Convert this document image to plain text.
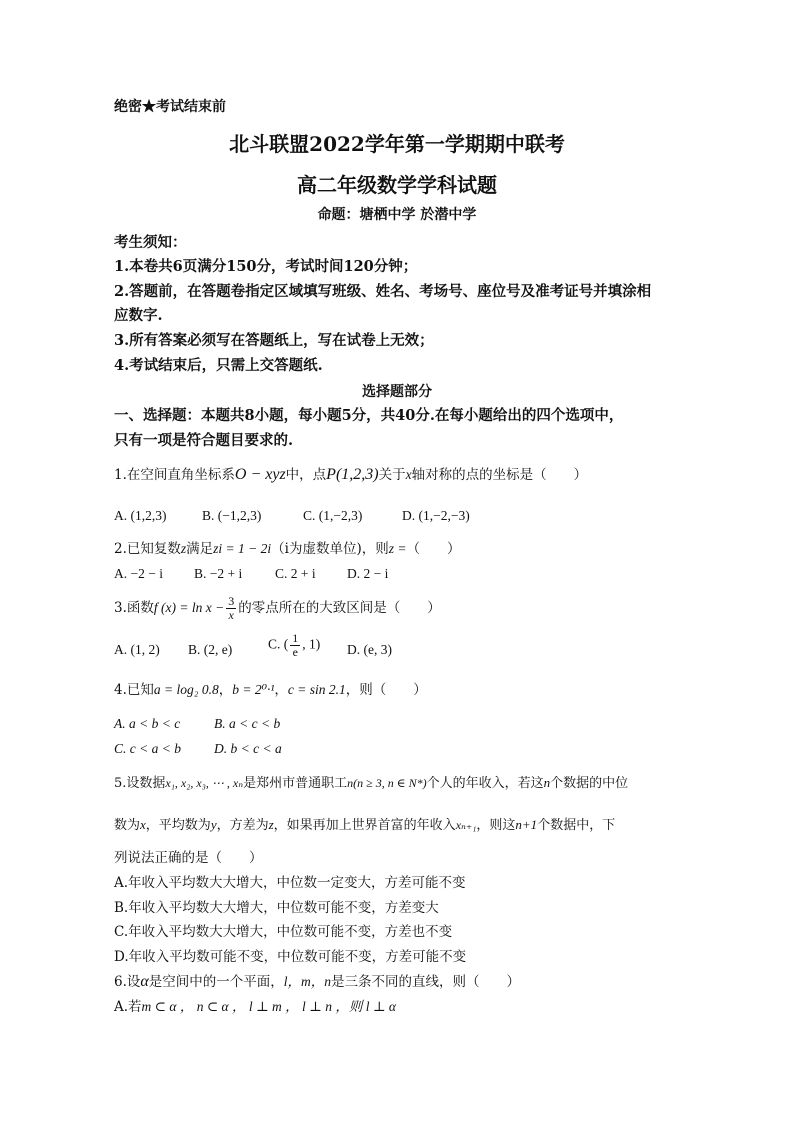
绝密★考试结束前
北斗联盟2022学年第一学期期中联考
高二年级数学学科试题
命题：塘栖中学 於潜中学
考生须知：
1.本卷共6页满分150分，考试时间120分钟；
2.答题前，在答题卷指定区域填写班级、姓名、考场号、座位号及准考证号并填涂相
应数字.
3.所有答案必须写在答题纸上，写在试卷上无效；
4.考试结束后，只需上交答题纸.
选择题部分
一、选择题：本题共8小题，每小题5分，共40分.在每小题给出的四个选项中，
只有一项是符合题目要求的.
1.在空间直角坐标系O − xyz中，点P(1,2,3)关于x轴对称的点的坐标是（　　）
A. (1,2,3)	B. (−1,2,3)	C. (1,−2,3)	D. (1,−2,−3)
2.已知复数z满足zi = 1 − 2i（i为虚数单位)，则z =（　　）
A. −2 − i B. −2 + i C. 2 + i D. 2 − i
3.函数f $(x) = \ln x - \frac{3}{x}$ 的零点所在的大致区间是（　　）
A. (1, 2) B. (2, e)	C. ( $\frac{1}{e}$ , 1) D. (e, 3)
4.已知a = log₂ 0.8，b = 2⁰·¹，c = sin 2.1，则（　　）
A. a < b < c	B. a < c < b
C. c < a < b D. b < c < a
5.设数据x₁, x₂, x₃, ⋯ , xₙ是郑州市普通职工n(n ≥ 3, n ∈ N*)个人的年收入，若这n个数据的中位
数为x，平均数为y，方差为z，如果再加上世界首富的年收入xₙ₊₁，则这n+1个数据中，下
列说法正确的是（　　）
A.年收入平均数大大增大，中位数一定变大，方差可能不变
B.年收入平均数大大增大，中位数可能不变，方差变大
C.年收入平均数大大增大，中位数可能不变，方差也不变
D.年收入平均数可能不变，中位数可能不变，方差可能不变
6.设α是空间中的一个平面，l，m，n是三条不同的直线，则（　　）
A.若m ⊂ α ， n ⊂ α ， l ⊥ m ， l ⊥ n ，则 l ⊥ α
